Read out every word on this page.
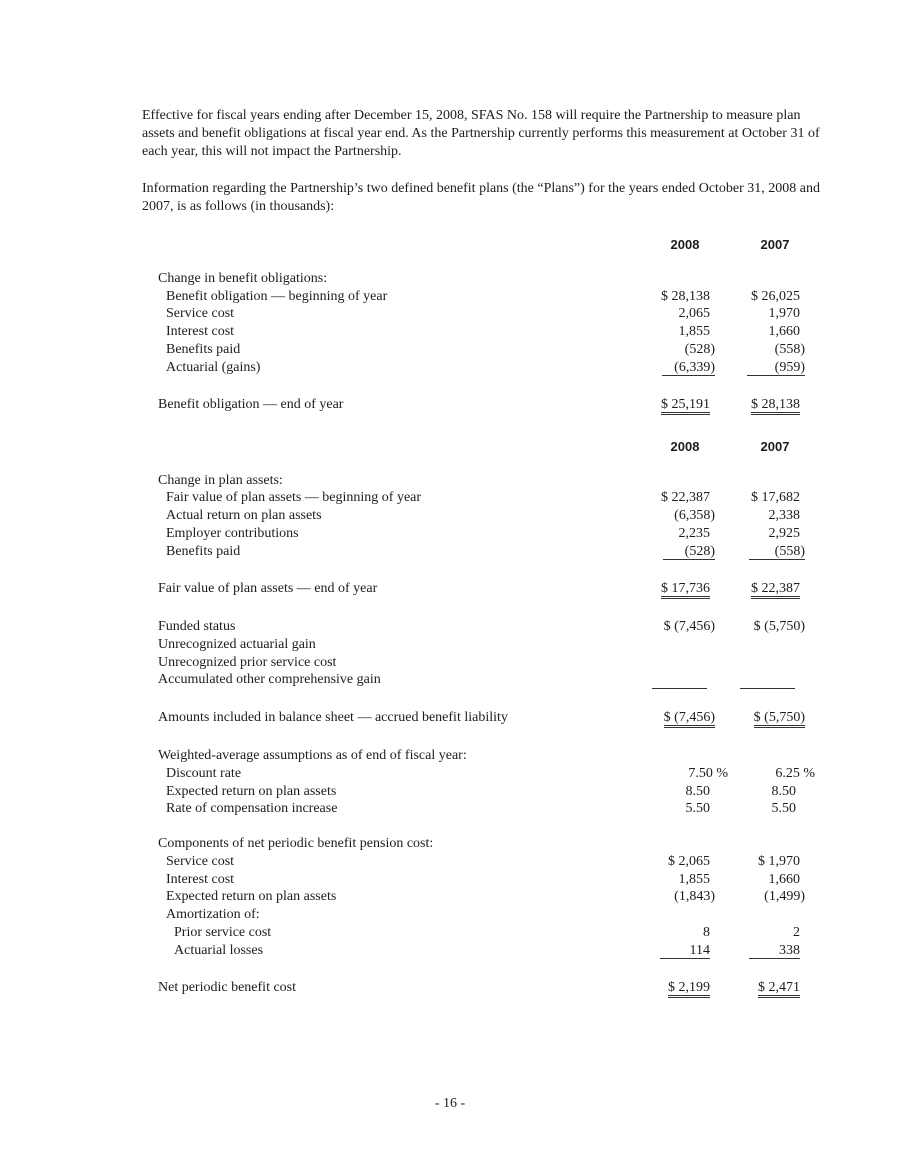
Effective for fiscal years ending after December 15, 2008, SFAS No. 158 will require the Partnership to measure plan assets and benefit obligations at fiscal year end. As the Partnership currently performs this measurement at October 31 of each year, this will not impact the Partnership.

Information regarding the Partnership’s two defined benefit plans (the “Plans”) for the years ended October 31, 2008 and 2007, is as follows (in thousands):

2008	2007
Change in benefit obligations:
Benefit obligation — beginning of year	$ 28,138	$ 26,025
Service cost	2,065	1,970
Interest cost	1,855	1,660
Benefits paid	(528)	(558)
Actuarial (gains)	(6,339)	(959)
Benefit obligation — end of year	$ 25,191	$ 28,138
2008	2007
Change in plan assets:
Fair value of plan assets — beginning of year	$ 22,387	$ 17,682
Actual return on plan assets	(6,358)	2,338
Employer contributions	2,235	2,925
Benefits paid	(528)	(558)
Fair value of plan assets — end of year	$ 17,736	$ 22,387
Funded status	$ (7,456)	$ (5,750)
Unrecognized actuarial gain
Unrecognized prior service cost
Accumulated other comprehensive gain
Amounts included in balance sheet — accrued benefit liability	$ (7,456)	$ (5,750)
Weighted-average assumptions as of end of fiscal year:
Discount rate	7.50 %	6.25 %
Expected return on plan assets	8.50	8.50
Rate of compensation increase	5.50	5.50
Components of net periodic benefit pension cost:
Service cost	$ 2,065	$ 1,970
Interest cost	1,855	1,660
Expected return on plan assets	(1,843)	(1,499)
Amortization of:
Prior service cost	8	2
Actuarial losses	114	338
Net periodic benefit cost	$ 2,199	$ 2,471
- 16 -
